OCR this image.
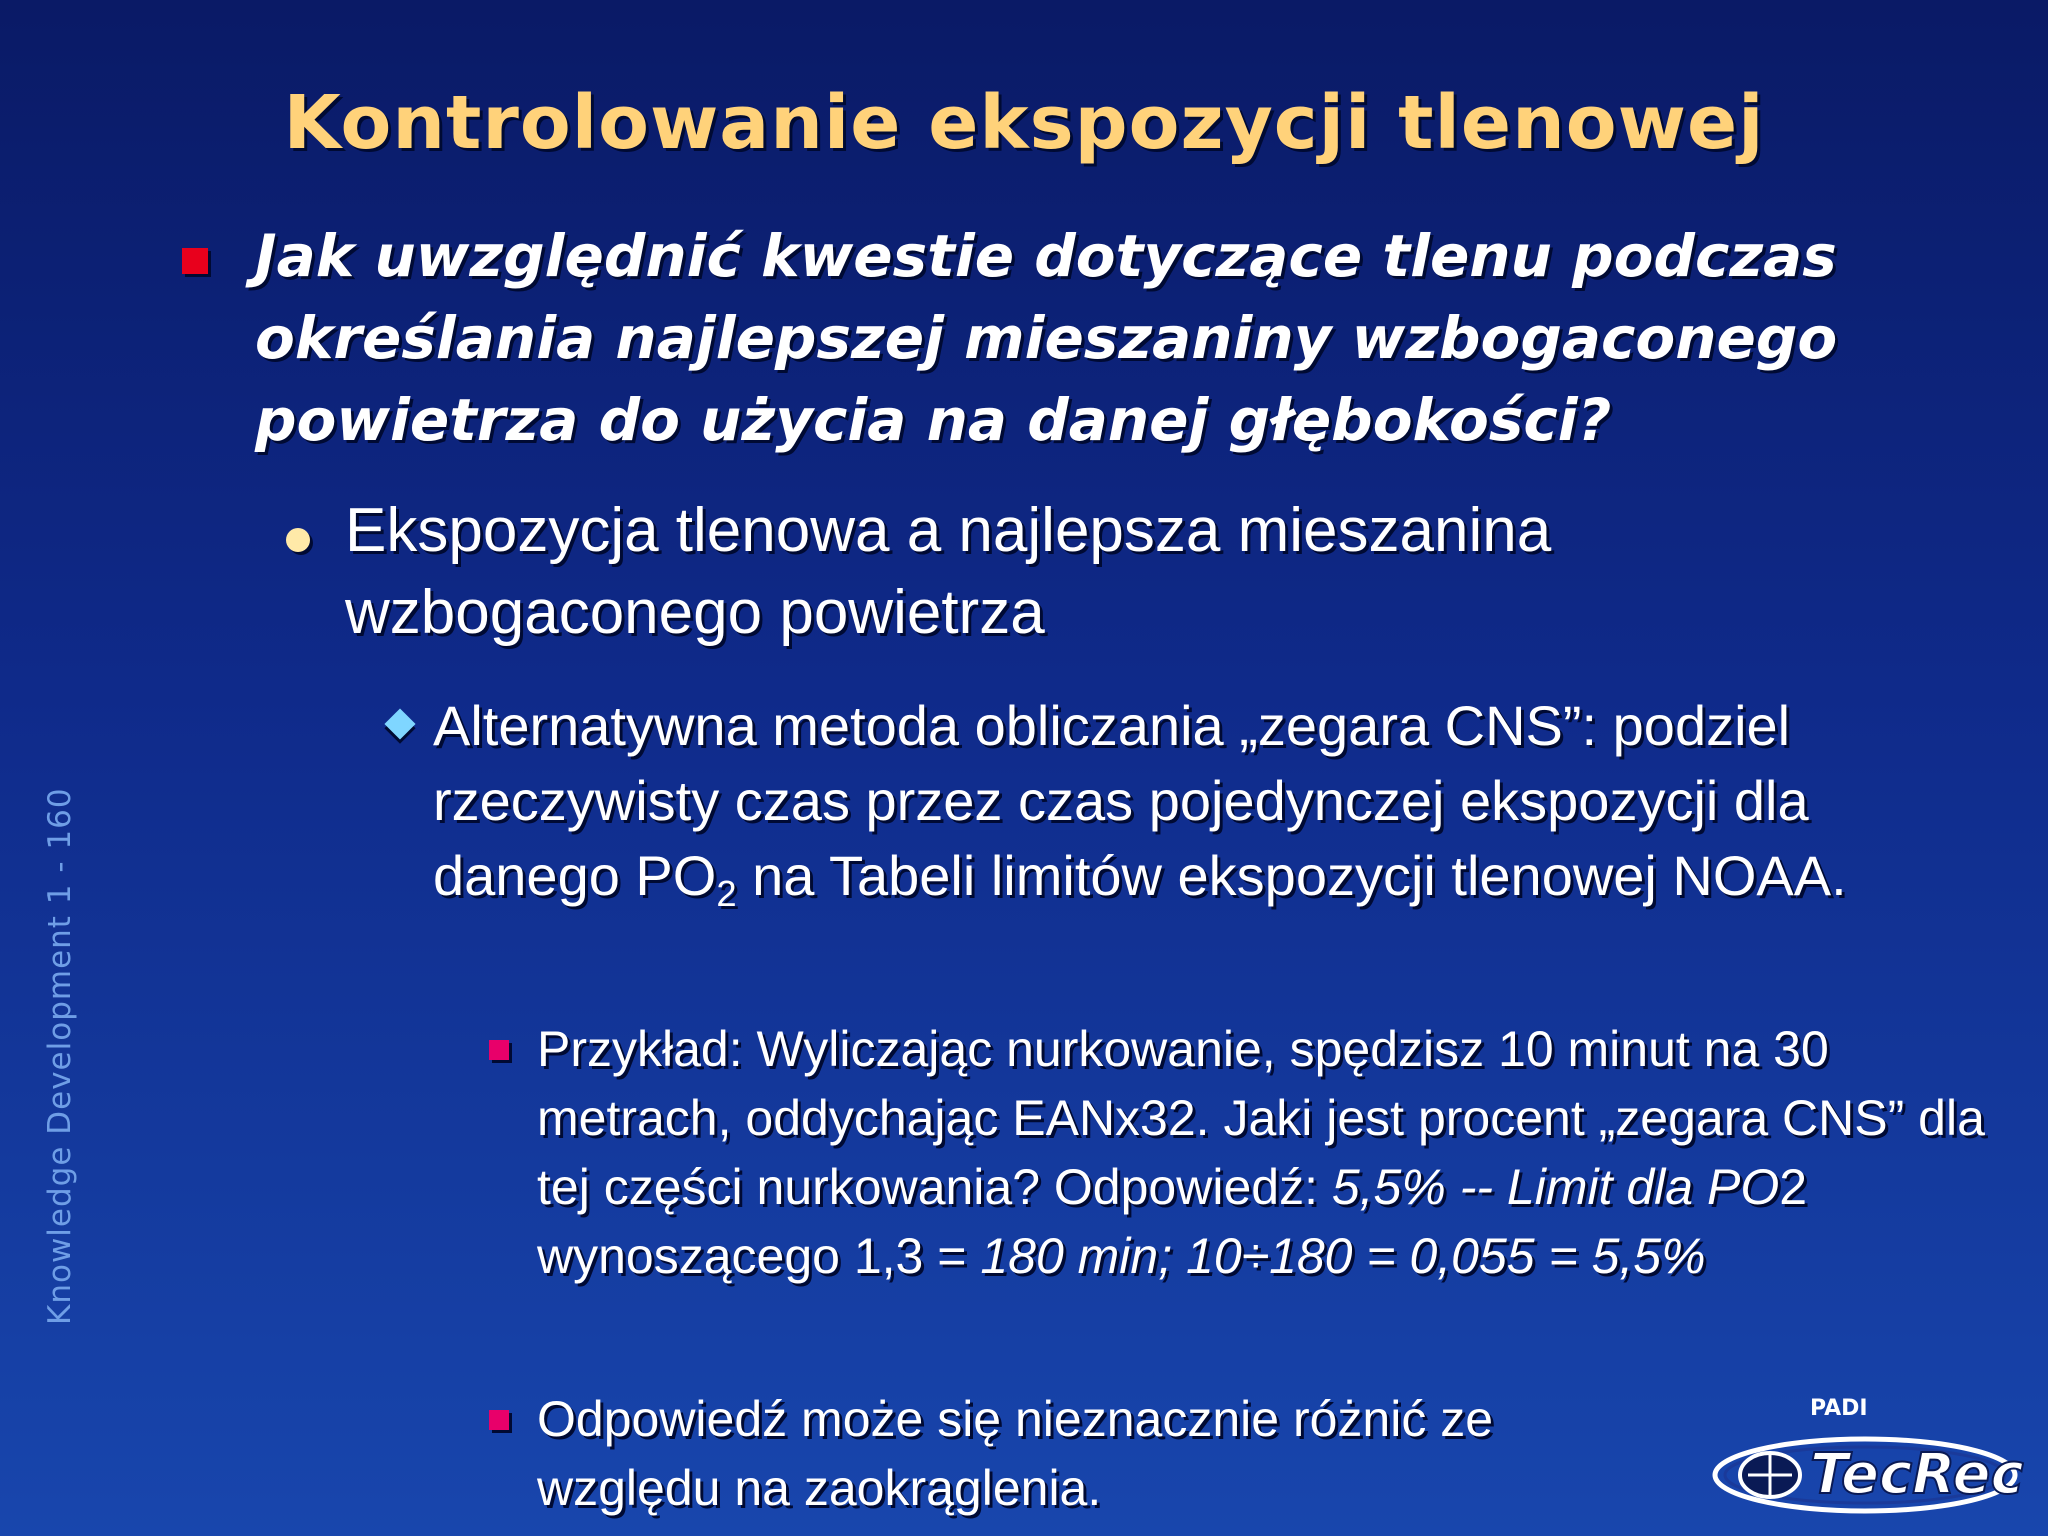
Kontrolowanie ekspozycji tlenowej
Jak uwzględnić kwestie dotyczące tlenu podczas określania najlepszej mieszaniny wzbogaconego powietrza do użycia na danej głębokości?
Ekspozycja tlenowa a najlepsza mieszanina wzbogaconego powietrza
Alternatywna metoda obliczania „zegara CNS”: podziel rzeczywisty czas przez czas pojedynczej ekspozycji dla danego $PO_2$ na Tabeli limitów ekspozycji tlenowej NOAA.
Przykład: Wyliczając nurkowanie, spędzisz 10 minut na 30 metrach, oddychając EANx32. Jaki jest procent „zegara CNS” dla tej części nurkowania? Odpowiedź: 5,5% -- Limit dla PO2 wynoszącego 1,3 = 180 min; 10÷180 = 0,055 = 5,5%
Odpowiedź może się nieznacznie różnić ze względu na zaokrąglenia.
Knowledge Development 1 - 160
PADI
TecRec
